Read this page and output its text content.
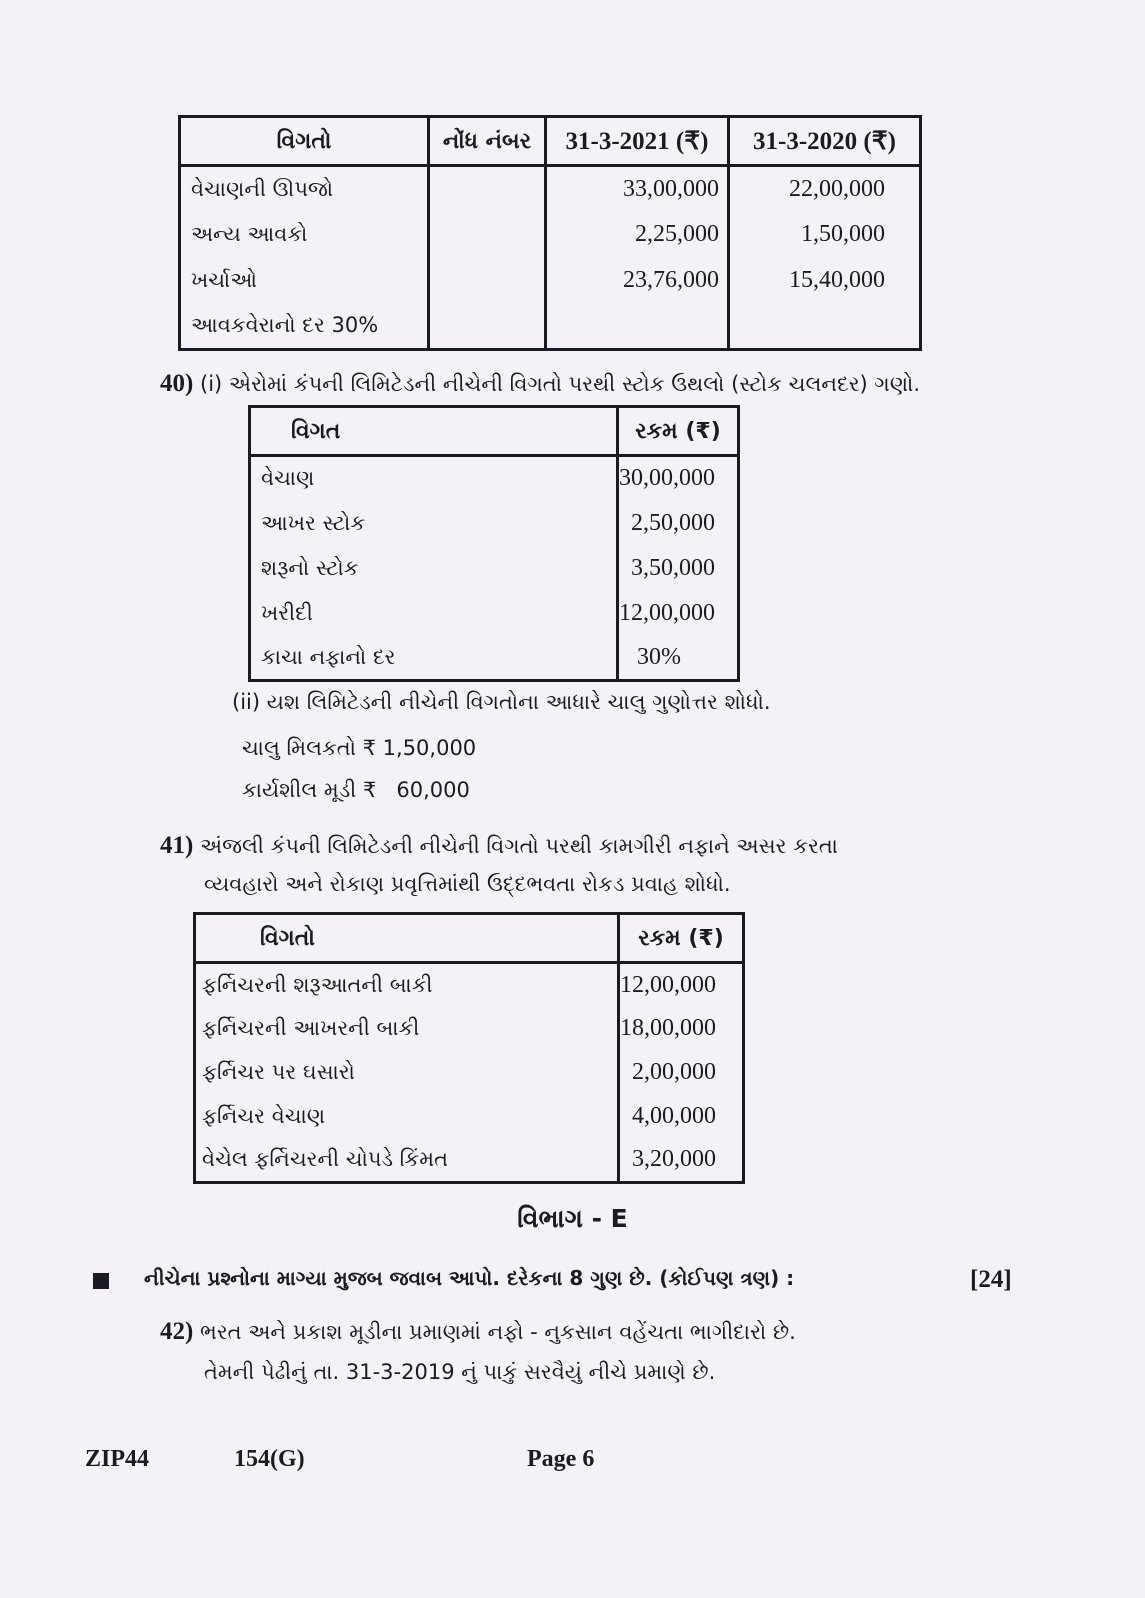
વિગતો	નોંધ નંબર	31-3-2021 (₹)	31-3-2020 (₹)
વેચાણની ઊપજો		33,00,000	22,00,000
અન્ય આવકો		2,25,000	1,50,000
ખર્ચાઓ		23,76,000	15,40,000
આવકવેરાનો દર 30%			
40) (i) એરોમાં કંપની લિમિટેડની નીચેની વિગતો પરથી સ્ટોક ઉથલો (સ્ટોક ચલનદર) ગણો.
વિગત	રકમ (₹)
વેચાણ	30,00,000
આખર સ્ટોક	2,50,000
શરૂનો સ્ટોક	3,50,000
ખરીદી	12,00,000
કાચા નફાનો દર	30%
(ii) યશ લિમિટેડની નીચેની વિગતોના આધારે ચાલુ ગુણોત્તર શોધો.
ચાલુ મિલકતો ₹ 1,50,000
કાર્યશીલ મૂડી ₹   60,000
41) અંજલી કંપની લિમિટેડની નીચેની વિગતો પરથી કામગીરી નફાને અસર કરતા
વ્યવહારો અને રોકાણ પ્રવૃત્તિમાંથી ઉદ્દભવતા રોકડ પ્રવાહ શોધો.
વિગતો	રકમ (₹)
ફર્નિચરની શરૂઆતની બાકી	12,00,000
ફર્નિચરની આખરની બાકી	18,00,000
ફર્નિચર પર ઘસારો	2,00,000
ફર્નિચર વેચાણ	4,00,000
વેચેલ ફર્નિચરની ચોપડે કિંમત	3,20,000
વિભાગ - E
નીચેના પ્રશ્નોના માગ્યા મુજબ જવાબ આપો. દરેકના 8 ગુણ છે. (કોઈપણ ત્રણ) :	[24]
42) ભરત અને પ્રકાશ મૂડીના પ્રમાણમાં નફો - નુકસાન વહેંચતા ભાગીદારો છે.
તેમની પેઢીનું તા. 31-3-2019 નું પાકું સરવૈયું નીચે પ્રમાણે છે.
ZIP44	154(G)	Page 6
